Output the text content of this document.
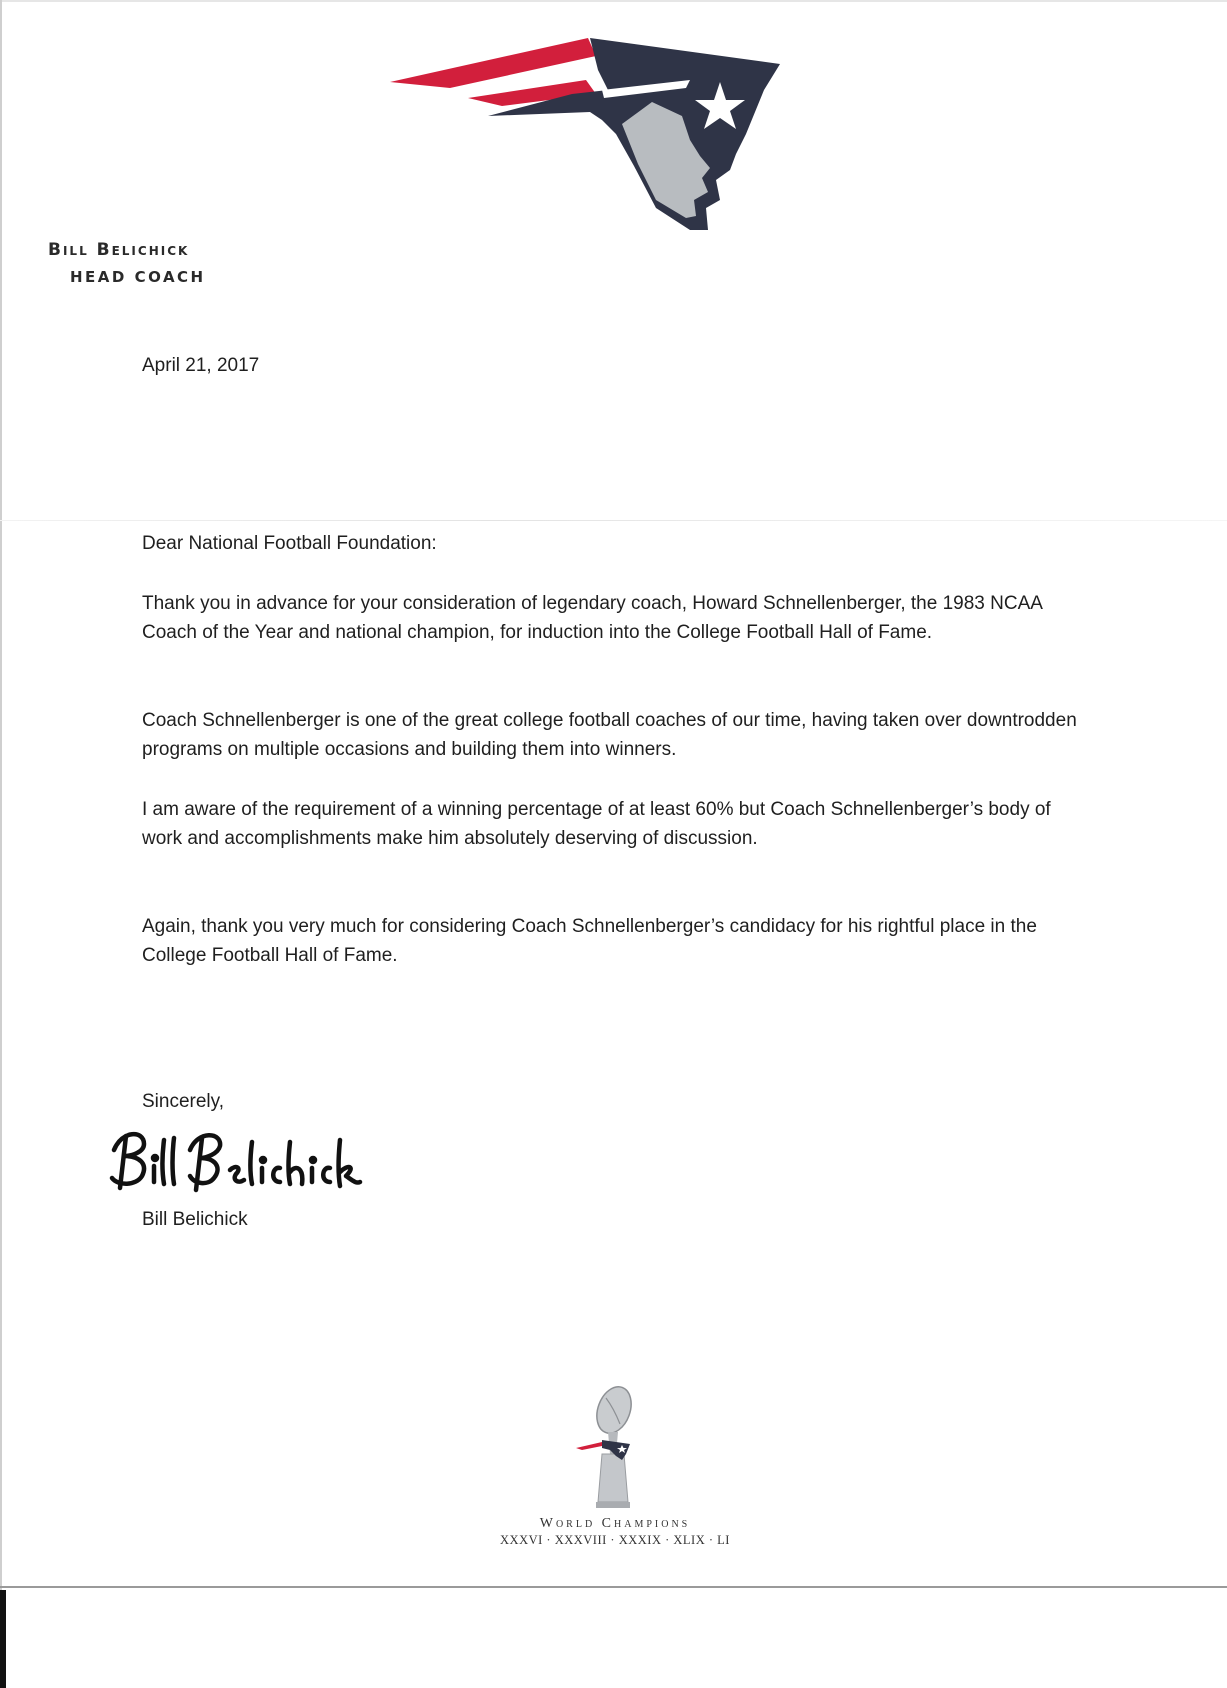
Bill Belichick
HEAD COACH
April 21, 2017
Dear National Football Foundation:
Thank you in advance for your consideration of legendary coach, Howard Schnellenberger, the 1983 NCAA Coach of the Year and national champion, for induction into the College Football Hall of Fame.
Coach Schnellenberger is one of the great college football coaches of our time, having taken over downtrodden programs on multiple occasions and building them into winners.
I am aware of the requirement of a winning percentage of at least 60% but Coach Schnellenberger’s body of work and accomplishments make him absolutely deserving of discussion.
Again, thank you very much for considering Coach Schnellenberger’s candidacy for his rightful place in the College Football Hall of Fame.
Sincerely,
Bill Belichick
World Champions
XXXVI · XXXVIII · XXXIX · XLIX · LI
